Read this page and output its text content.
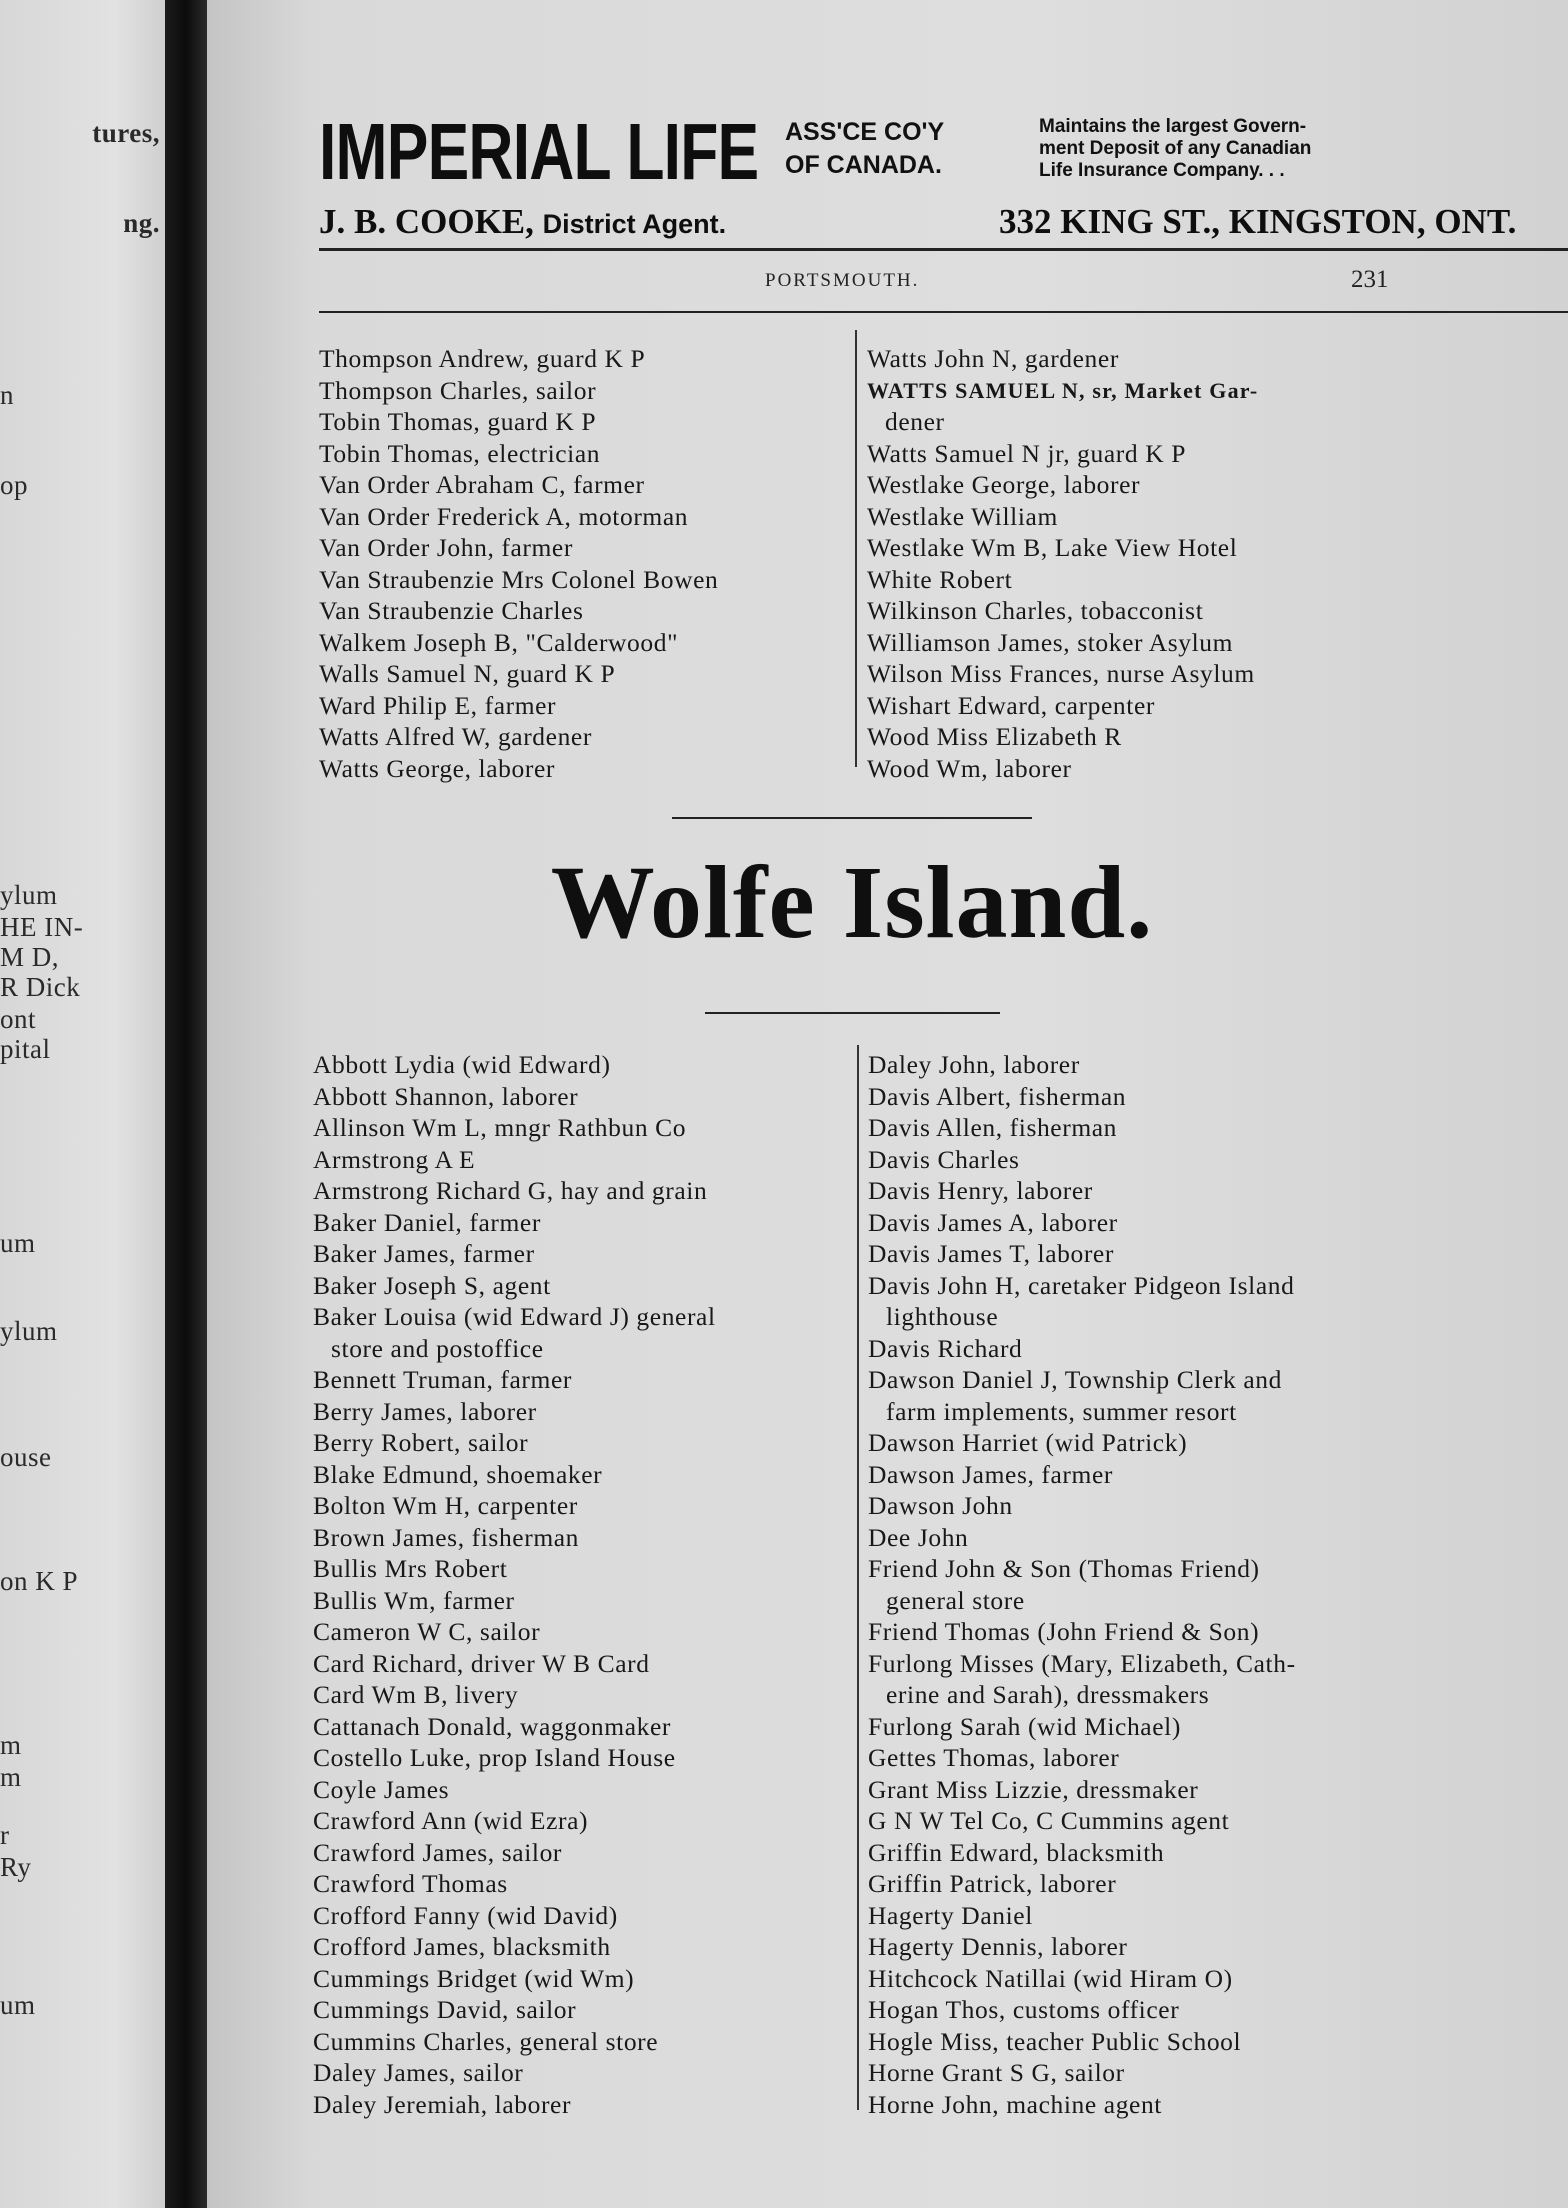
tures,
ng.
n
op
ylum
HE IN-
M D,
R Dick
ont
pital
um
ylum
ouse
on K P
m
m
r
Ry
um
IMPERIAL LIFE ASS'CE CO'Y
OF CANADA.
Maintains the largest Govern-
ment Deposit of any Canadian
Life Insurance Company. . .
J. B. COOKE, District Agent.	332 KING ST., KINGSTON, ONT.
PORTSMOUTH.	231
Thompson Andrew, guard K P
Thompson Charles, sailor
Tobin Thomas, guard K P
Tobin Thomas, electrician
Van Order Abraham C, farmer
Van Order Frederick A, motorman
Van Order John, farmer
Van Straubenzie Mrs Colonel Bowen
Van Straubenzie Charles
Walkem Joseph B, "Calderwood"
Walls Samuel N, guard K P
Ward Philip E, farmer
Watts Alfred W, gardener
Watts George, laborer
Watts John N, gardener
WATTS SAMUEL N, sr, Market Gar-
dener
Watts Samuel N jr, guard K P
Westlake George, laborer
Westlake William
Westlake Wm B, Lake View Hotel
White Robert
Wilkinson Charles, tobacconist
Williamson James, stoker Asylum
Wilson Miss Frances, nurse Asylum
Wishart Edward, carpenter
Wood Miss Elizabeth R
Wood Wm, laborer
Wolfe Island.
Abbott Lydia (wid Edward)
Abbott Shannon, laborer
Allinson Wm L, mngr Rathbun Co
Armstrong A E
Armstrong Richard G, hay and grain
Baker Daniel, farmer
Baker James, farmer
Baker Joseph S, agent
Baker Louisa (wid Edward J) general
store and postoffice
Bennett Truman, farmer
Berry James, laborer
Berry Robert, sailor
Blake Edmund, shoemaker
Bolton Wm H, carpenter
Brown James, fisherman
Bullis Mrs Robert
Bullis Wm, farmer
Cameron W C, sailor
Card Richard, driver W B Card
Card Wm B, livery
Cattanach Donald, waggonmaker
Costello Luke, prop Island House
Coyle James
Crawford Ann (wid Ezra)
Crawford James, sailor
Crawford Thomas
Crofford Fanny (wid David)
Crofford James, blacksmith
Cummings Bridget (wid Wm)
Cummings David, sailor
Cummins Charles, general store
Daley James, sailor
Daley Jeremiah, laborer
Daley John, laborer
Davis Albert, fisherman
Davis Allen, fisherman
Davis Charles
Davis Henry, laborer
Davis James A, laborer
Davis James T, laborer
Davis John H, caretaker Pidgeon Island
lighthouse
Davis Richard
Dawson Daniel J, Township Clerk and
farm implements, summer resort
Dawson Harriet (wid Patrick)
Dawson James, farmer
Dawson John
Dee John
Friend John & Son (Thomas Friend)
general store
Friend Thomas (John Friend & Son)
Furlong Misses (Mary, Elizabeth, Cath-
erine and Sarah), dressmakers
Furlong Sarah (wid Michael)
Gettes Thomas, laborer
Grant Miss Lizzie, dressmaker
G N W Tel Co, C Cummins agent
Griffin Edward, blacksmith
Griffin Patrick, laborer
Hagerty Daniel
Hagerty Dennis, laborer
Hitchcock Natillai (wid Hiram O)
Hogan Thos, customs officer
Hogle Miss, teacher Public School
Horne Grant S G, sailor
Horne John, machine agent
